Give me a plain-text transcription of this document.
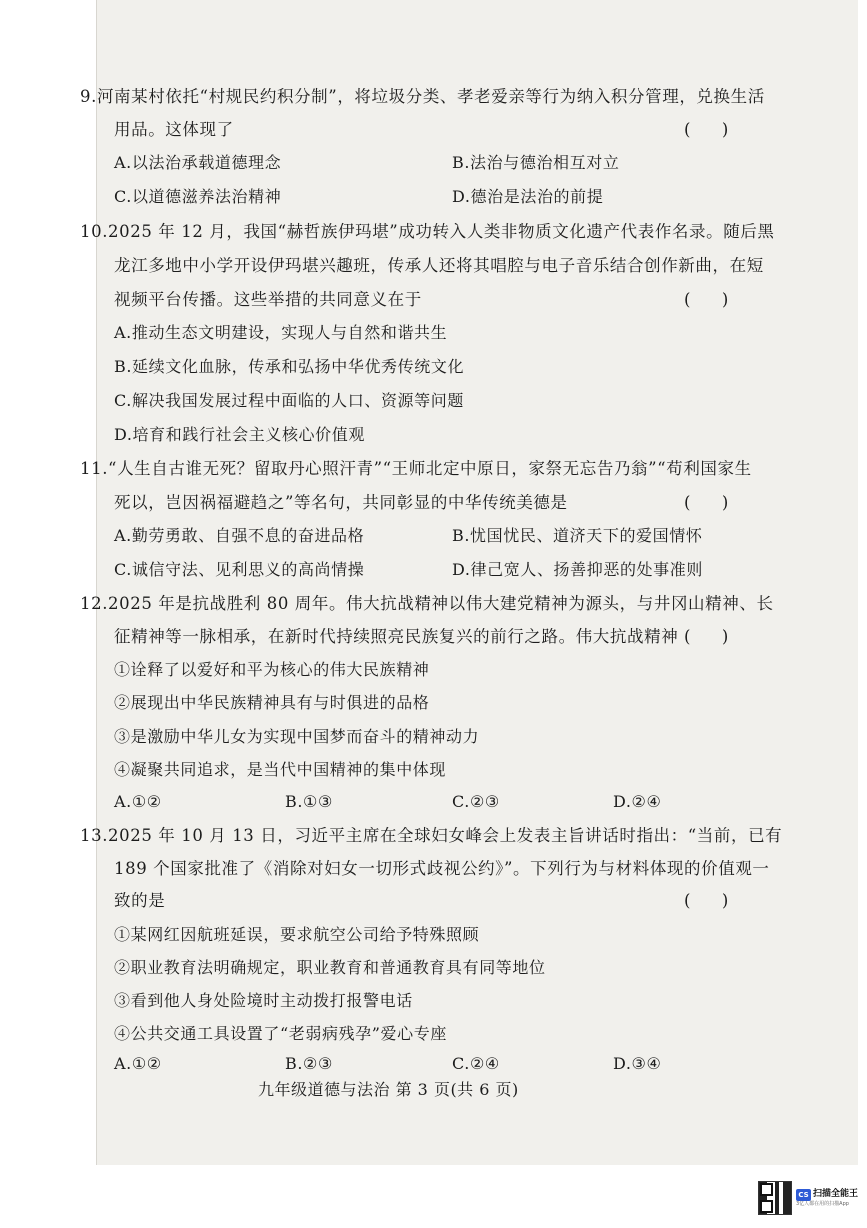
9.河南某村依托“村规民约积分制”，将垃圾分类、孝老爱亲等行为纳入积分管理，兑换生活
用品。这体现了	(      )
A.以法治承载道德理念	B.法治与德治相互对立
C.以道德滋养法治精神	D.德治是法治的前提
10.2025 年 12 月，我国“赫哲族伊玛堪”成功转入人类非物质文化遗产代表作名录。随后黑
龙江多地中小学开设伊玛堪兴趣班，传承人还将其唱腔与电子音乐结合创作新曲，在短
视频平台传播。这些举措的共同意义在于	(      )
A.推动生态文明建设，实现人与自然和谐共生
B.延续文化血脉，传承和弘扬中华优秀传统文化
C.解决我国发展过程中面临的人口、资源等问题
D.培育和践行社会主义核心价值观
11.“人生自古谁无死？留取丹心照汗青”“王师北定中原日，家祭无忘告乃翁”“苟利国家生
死以，岂因祸福避趋之”等名句，共同彰显的中华传统美德是	(      )
A.勤劳勇敢、自强不息的奋进品格	B.忧国忧民、道济天下的爱国情怀
C.诚信守法、见利思义的高尚情操	D.律己宽人、扬善抑恶的处事准则
12.2025 年是抗战胜利 80 周年。伟大抗战精神以伟大建党精神为源头，与井冈山精神、长
征精神等一脉相承，在新时代持续照亮民族复兴的前行之路。伟大抗战精神 (      )
①诠释了以爱好和平为核心的伟大民族精神
②展现出中华民族精神具有与时俱进的品格
③是激励中华儿女为实现中国梦而奋斗的精神动力
④凝聚共同追求，是当代中国精神的集中体现
A.①②	B.①③	C.②③	D.②④
13.2025 年 10 月 13 日，习近平主席在全球妇女峰会上发表主旨讲话时指出：“当前，已有
189 个国家批准了《消除对妇女一切形式歧视公约》”。下列行为与材料体现的价值观一
致的是	(      )
①某网红因航班延误，要求航空公司给予特殊照顾
②职业教育法明确规定，职业教育和普通教育具有同等地位
③看到他人身处险境时主动拨打报警电话
④公共交通工具设置了“老弱病残孕”爱心专座
A.①②	B.②③	C.②④	D.③④
九年级道德与法治 第 3 页(共 6 页)
CS 扫描全能王
3亿人都在用的扫描App
